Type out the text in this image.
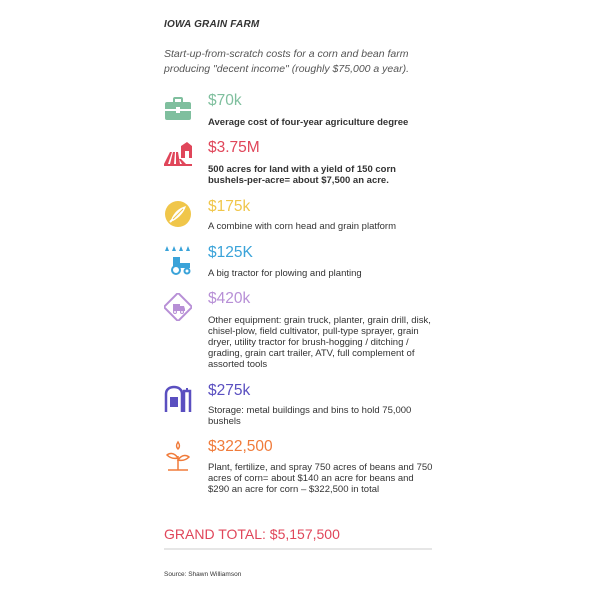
IOWA GRAIN FARM
Start-up-from-scratch costs for a corn and bean farm producing "decent income" (roughly $75,000 a year).
$70k
Average cost of four-year agriculture degree
$3.75M
500 acres for land with a yield of 150 corn bushels-per-acre= about $7,500 an acre.
$175k
A combine with corn head and grain platform
$125K
A big tractor for plowing and planting
$420k
Other equipment: grain truck, planter, grain drill, disk, chisel-plow, field cultivator, pull-type sprayer, grain dryer, utility tractor for brush-hogging / ditching / grading, grain cart trailer, ATV, full complement of assorted tools
$275k
Storage: metal buildings and bins to hold 75,000 bushels
$322,500
Plant, fertilize, and spray 750 acres of beans and 750 acres of corn= about $140 an acre for beans and $290 an acre for corn – $322,500 in total
GRAND TOTAL: $5,157,500
Source: Shawn Williamson
